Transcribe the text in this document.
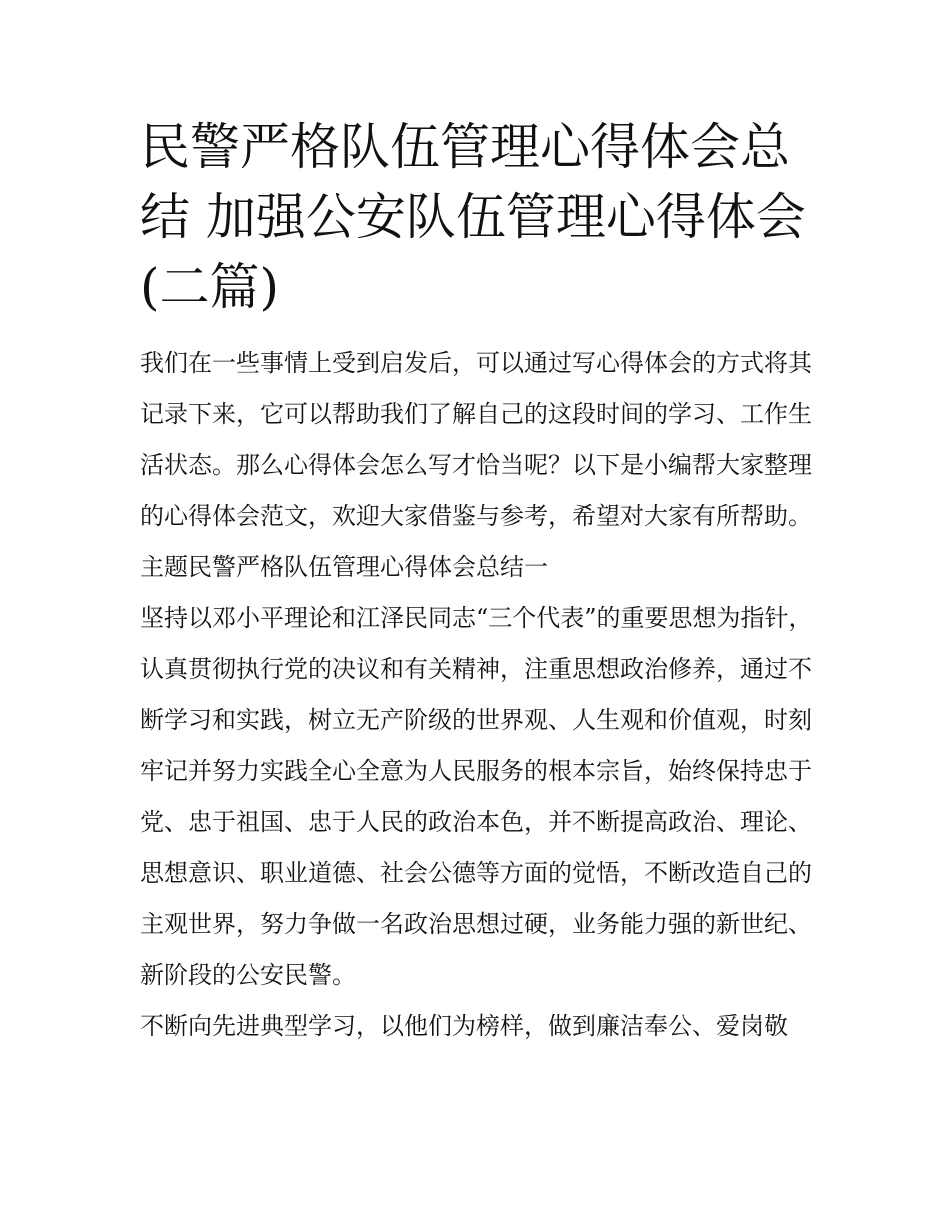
民警严格队伍管理心得体会总
结 加强公安队伍管理心得体会
(二篇)

我们在一些事情上受到启发后，可以通过写心得体会的方式将其记录下来，它可以帮助我们了解自己的这段时间的学习、工作生活状态。那么心得体会怎么写才恰当呢？以下是小编帮大家整理的心得体会范文，欢迎大家借鉴与参考，希望对大家有所帮助。

主题民警严格队伍管理心得体会总结一

坚持以邓小平理论和江泽民同志“三个代表”的重要思想为指针，认真贯彻执行党的决议和有关精神，注重思想政治修养，通过不断学习和实践，树立无产阶级的世界观、人生观和价值观，时刻牢记并努力实践全心全意为人民服务的根本宗旨，始终保持忠于党、忠于祖国、忠于人民的政治本色，并不断提高政治、理论、思想意识、职业道德、社会公德等方面的觉悟，不断改造自己的主观世界，努力争做一名政治思想过硬，业务能力强的新世纪、新阶段的公安民警。

不断向先进典型学习，以他们为榜样，做到廉洁奉公、爱岗敬
